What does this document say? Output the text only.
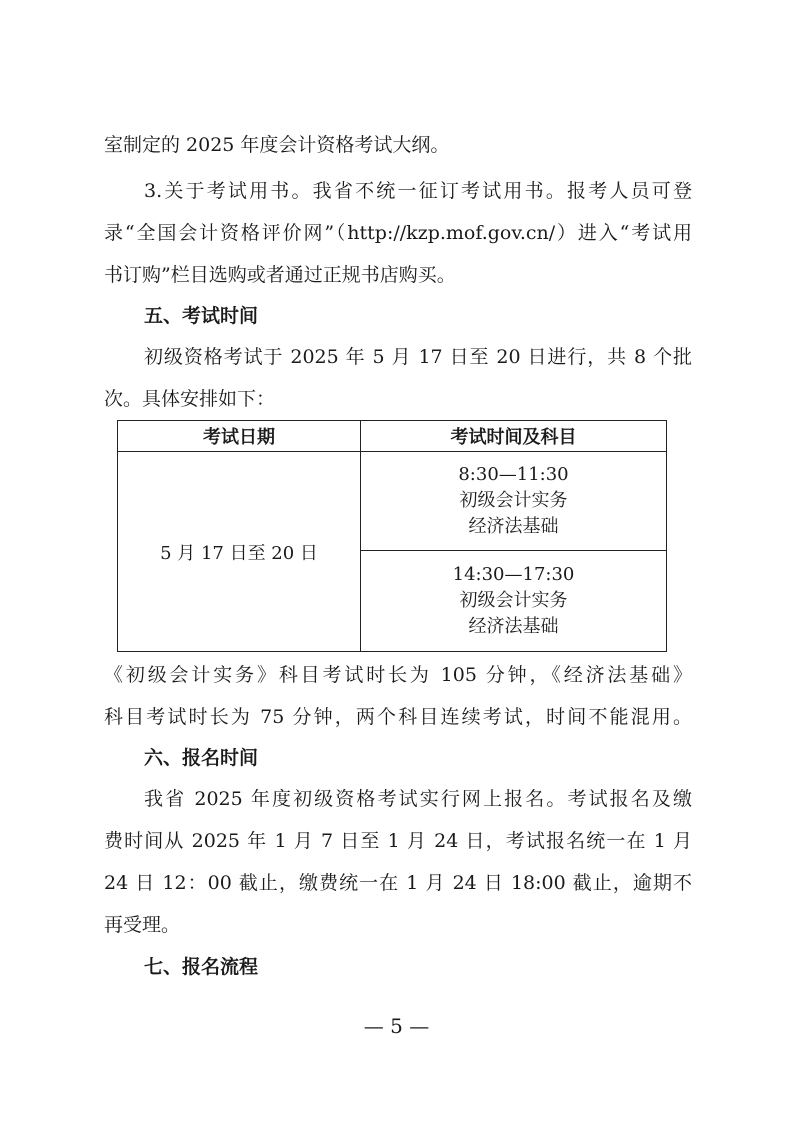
室制定的 2025 年度会计资格考试大纲。
3.关于考试用书。我省不统一征订考试用书。报考人员可登
录“全国会计资格评价网”（http://kzp.mof.gov.cn/）进入“考试用
书订购”栏目选购或者通过正规书店购买。
五、考试时间
初级资格考试于 2025 年 5 月 17 日至 20 日进行，共 8 个批
次。具体安排如下：
考试日期	考试时间及科目
5 月 17 日至 20 日	8:30—11:30
初级会计实务
经济法基础

	14:30—17:30
初级会计实务
经济法基础
《初级会计实务》科目考试时长为 105 分钟，《经济法基础》
科目考试时长为 75 分钟，两个科目连续考试，时间不能混用。
六、报名时间
我省 2025 年度初级资格考试实行网上报名。考试报名及缴
费时间从 2025 年 1 月 7 日至 1 月 24 日，考试报名统一在 1 月
24 日 12：00 截止，缴费统一在 1 月 24 日 18:00 截止，逾期不
再受理。
七、报名流程
— 5 —
